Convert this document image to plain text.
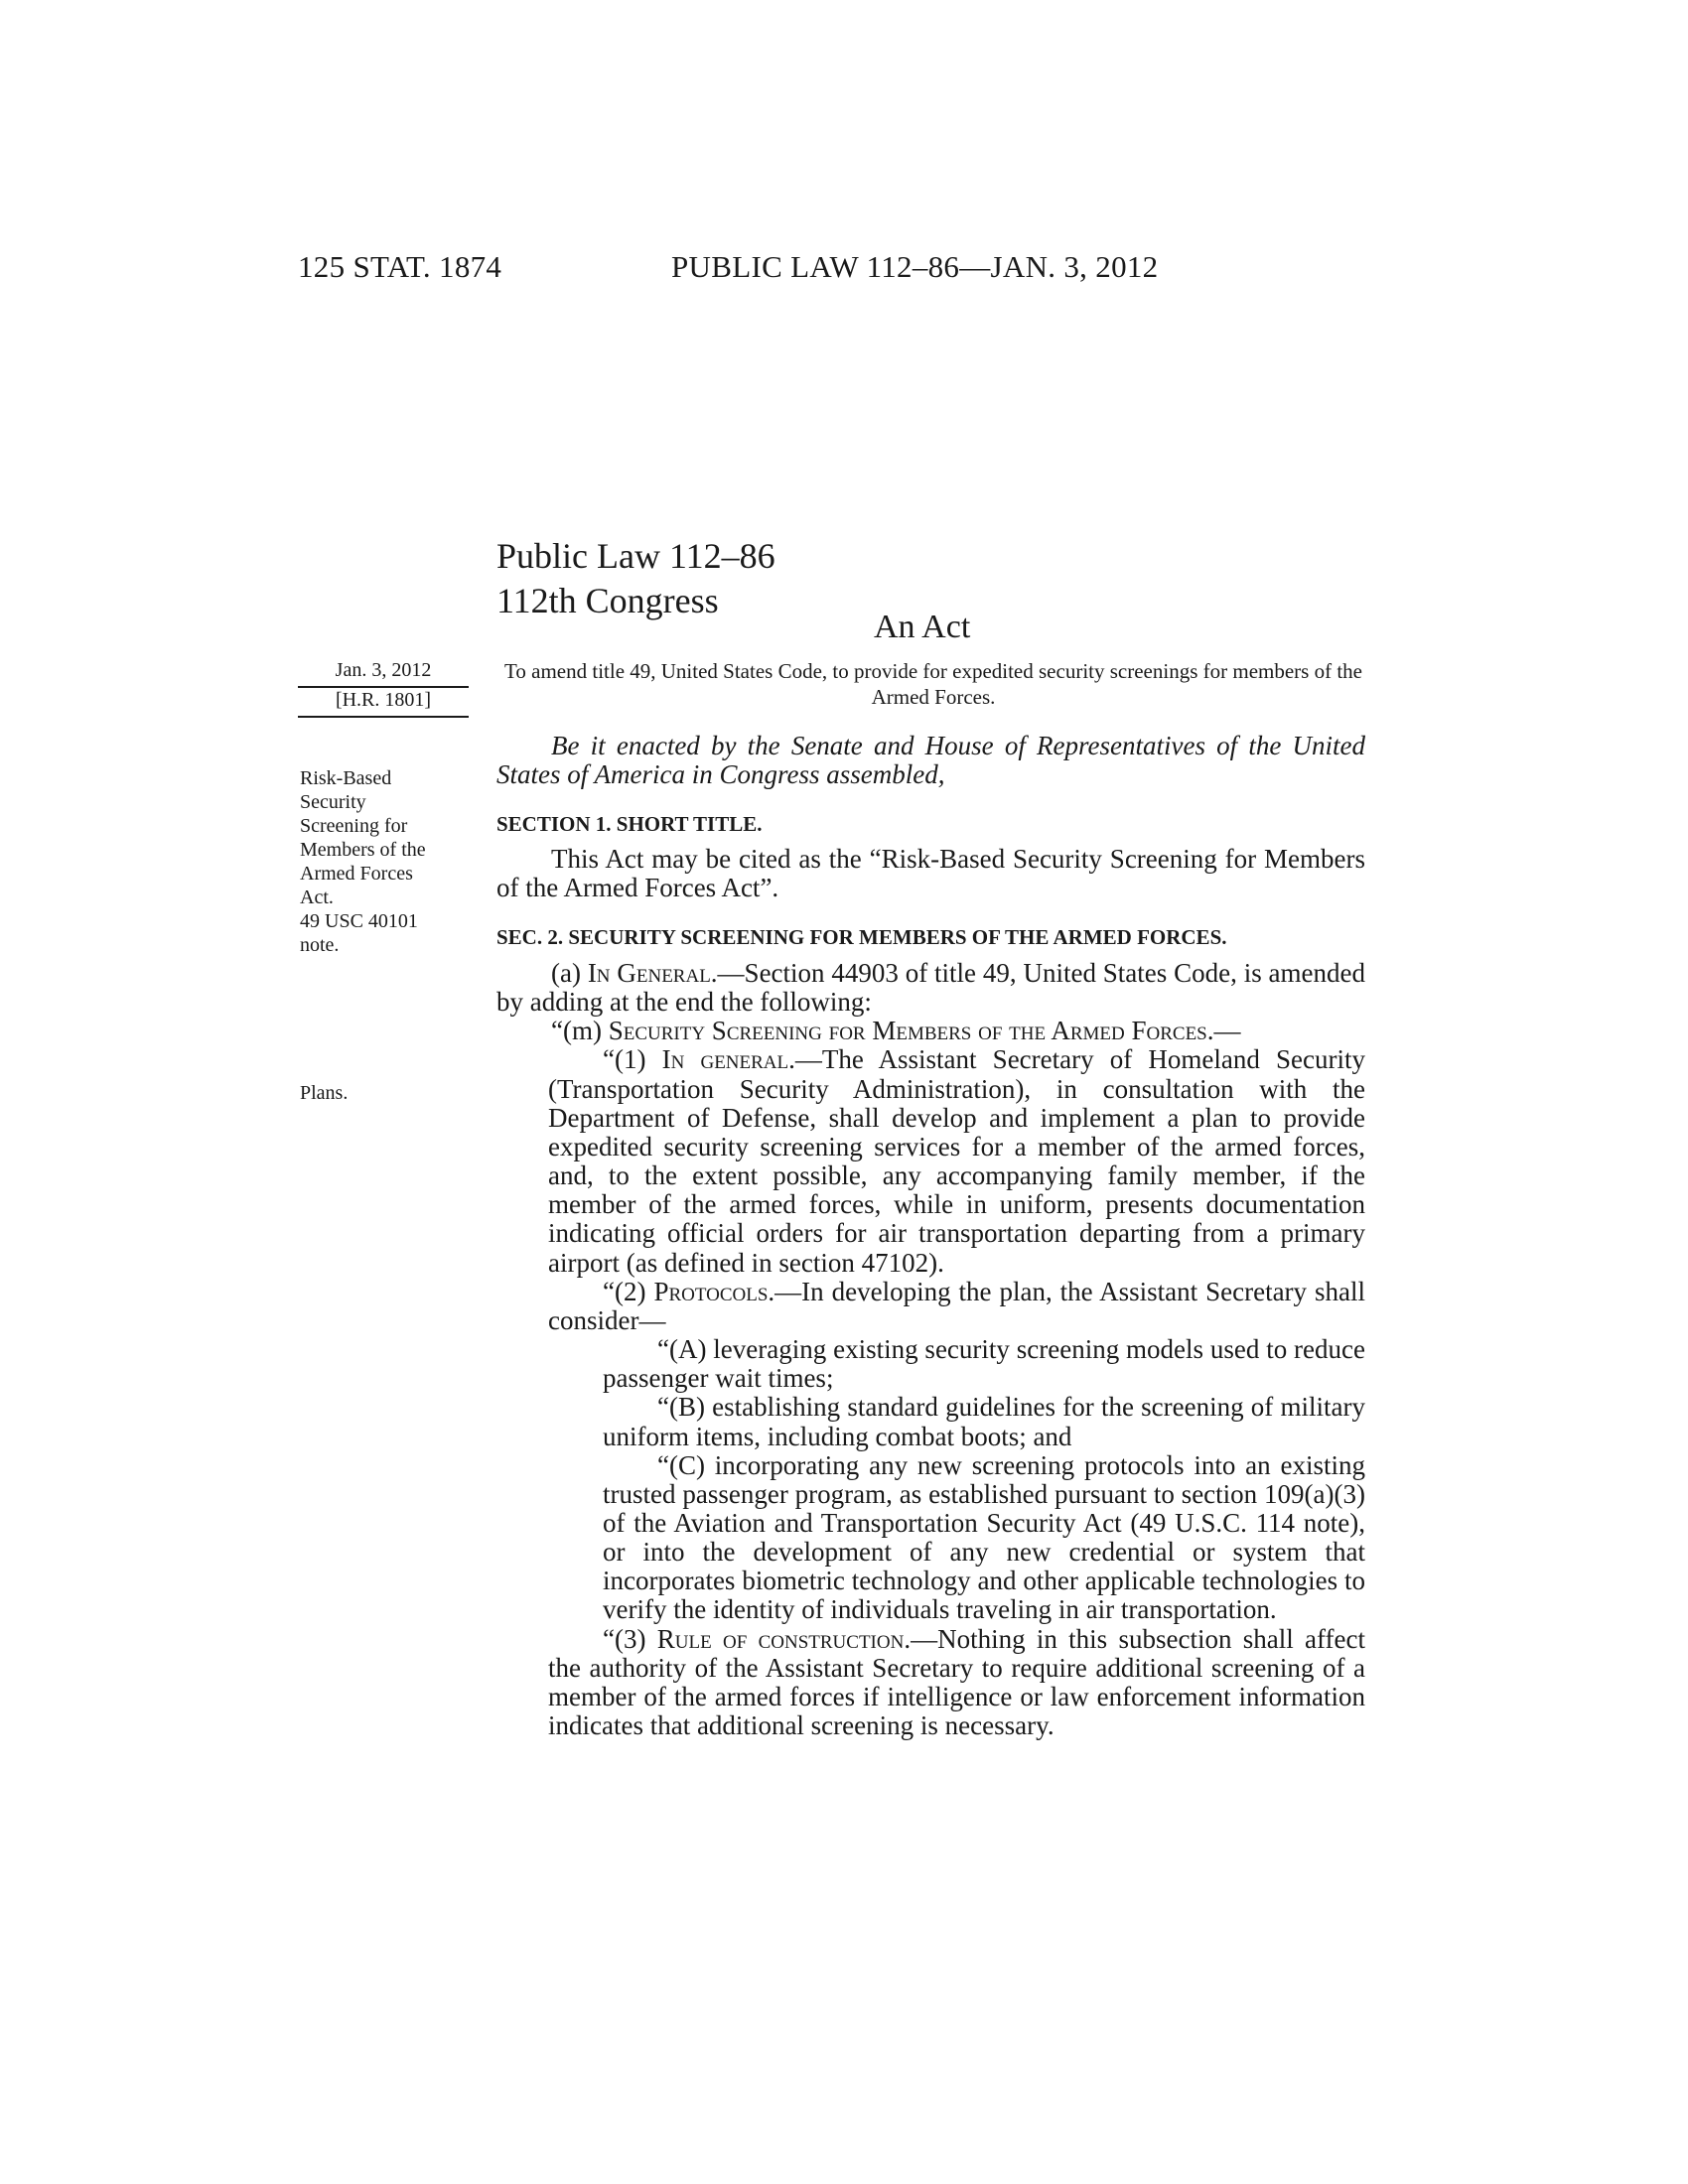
125 STAT. 1874	PUBLIC LAW 112–86—JAN. 3, 2012
Public Law 112–86
112th Congress
An Act
Jan. 3, 2012
[H.R. 1801]
To amend title 49, United States Code, to provide for expedited security screenings for members of the Armed Forces.
Risk-Based
Security
Screening for
Members of the
Armed Forces
Act.
49 USC 40101
note.
Plans.

Be it enacted by the Senate and House of Representatives of the United States of America in Congress assembled,

SECTION 1. SHORT TITLE.

This Act may be cited as the “Risk-Based Security Screening for Members of the Armed Forces Act”.

SEC. 2. SECURITY SCREENING FOR MEMBERS OF THE ARMED FORCES.

(a) In General.—Section 44903 of title 49, United States Code, is amended by adding at the end the following:

“(m) Security Screening for Members of the Armed Forces.—

“(1) In general.—The Assistant Secretary of Homeland Security (Transportation Security Administration), in consultation with the Department of Defense, shall develop and implement a plan to provide expedited security screening services for a member of the armed forces, and, to the extent possible, any accompanying family member, if the member of the armed forces, while in uniform, presents documentation indicating official orders for air transportation departing from a primary airport (as defined in section 47102).

“(2) Protocols.—In developing the plan, the Assistant Secretary shall consider—

“(A) leveraging existing security screening models used to reduce passenger wait times;

“(B) establishing standard guidelines for the screening of military uniform items, including combat boots; and

“(C) incorporating any new screening protocols into an existing trusted passenger program, as established pursuant to section 109(a)(3) of the Aviation and Transportation Security Act (49 U.S.C. 114 note), or into the development of any new credential or system that incorporates biometric technology and other applicable technologies to verify the identity of individuals traveling in air transportation.

“(3) Rule of construction.—Nothing in this subsection shall affect the authority of the Assistant Secretary to require additional screening of a member of the armed forces if intelligence or law enforcement information indicates that additional screening is necessary.
